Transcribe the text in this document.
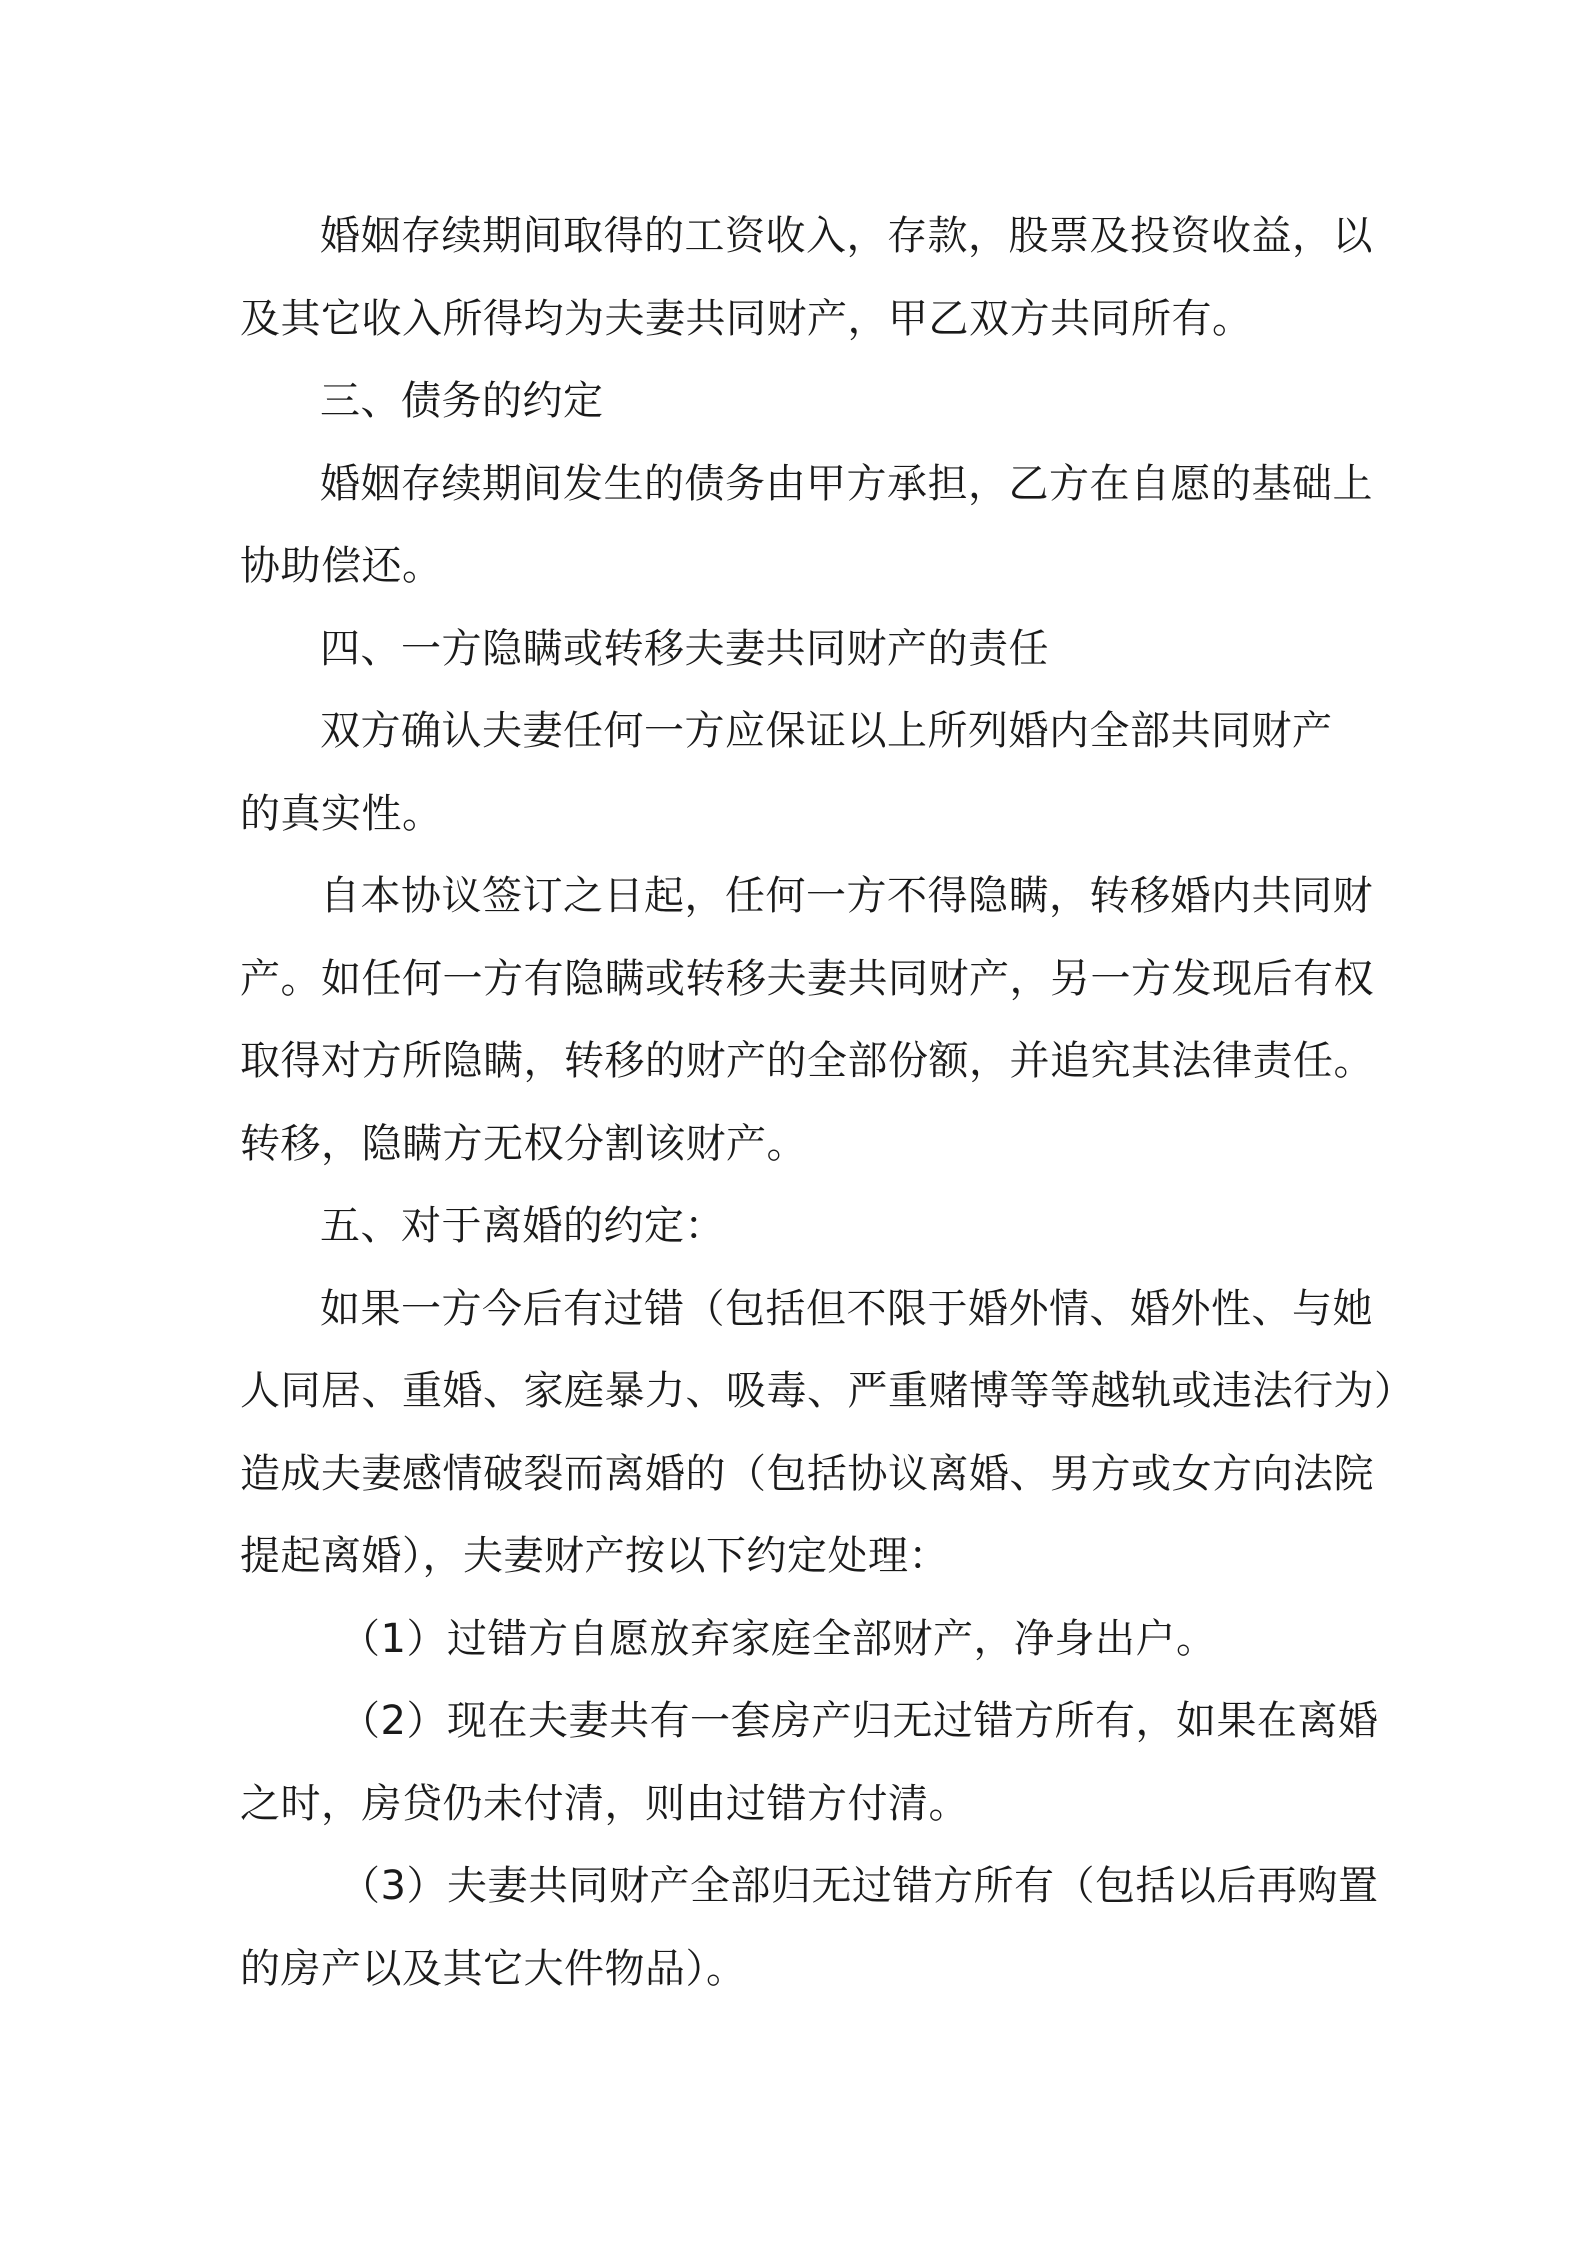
婚姻存续期间取得的工资收入，存款，股票及投资收益，以
及其它收入所得均为夫妻共同财产，甲乙双方共同所有。
三、债务的约定
婚姻存续期间发生的债务由甲方承担，乙方在自愿的基础上
协助偿还。
四、一方隐瞒或转移夫妻共同财产的责任
双方确认夫妻任何一方应保证以上所列婚内全部共同财产
的真实性。
自本协议签订之日起，任何一方不得隐瞒，转移婚内共同财
产。如任何一方有隐瞒或转移夫妻共同财产，另一方发现后有权
取得对方所隐瞒，转移的财产的全部份额，并追究其法律责任。
转移，隐瞒方无权分割该财产。
五、对于离婚的约定：
如果一方今后有过错（包括但不限于婚外情、婚外性、与她
人同居、重婚、家庭暴力、吸毒、严重赌博等等越轨或违法行为）
造成夫妻感情破裂而离婚的（包括协议离婚、男方或女方向法院
提起离婚），夫妻财产按以下约定处理：
（1）过错方自愿放弃家庭全部财产，净身出户。
（2）现在夫妻共有一套房产归无过错方所有，如果在离婚
之时，房贷仍未付清，则由过错方付清。
（3）夫妻共同财产全部归无过错方所有（包括以后再购置
的房产以及其它大件物品）。
